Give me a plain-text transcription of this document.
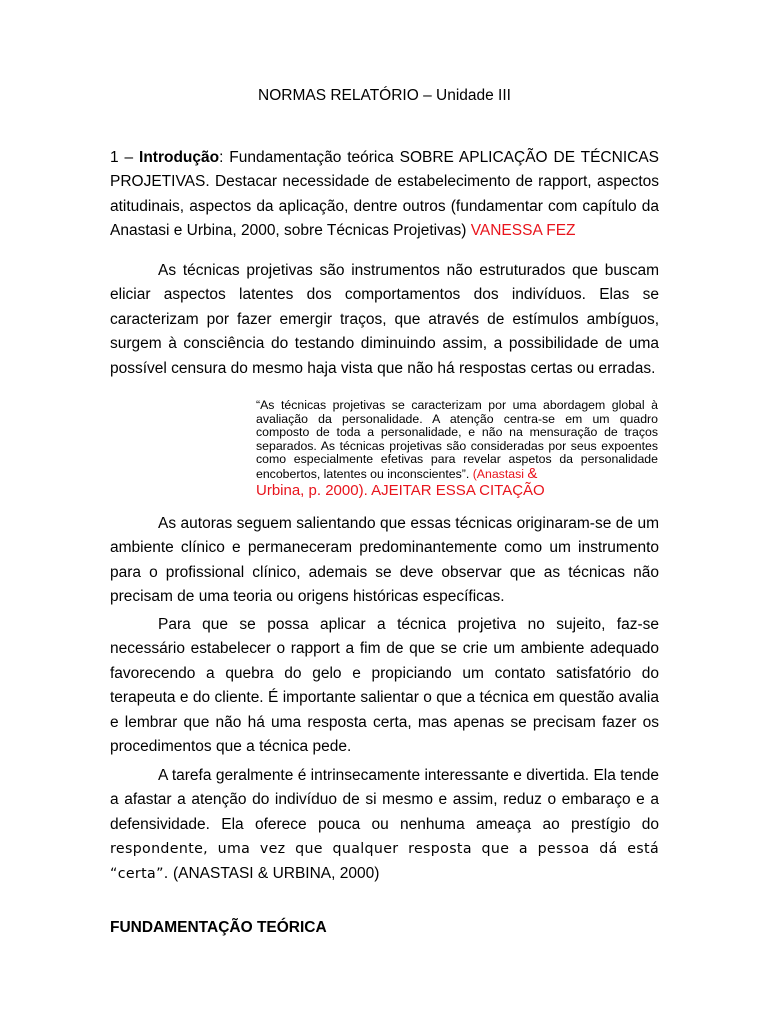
NORMAS RELATÓRIO – Unidade III
1 – Introdução: Fundamentação teórica SOBRE APLICAÇÃO DE TÉCNICAS PROJETIVAS. Destacar necessidade de estabelecimento de rapport, aspectos atitudinais, aspectos da aplicação, dentre outros (fundamentar com capítulo da Anastasi e Urbina, 2000, sobre Técnicas Projetivas) VANESSA FEZ
As técnicas projetivas são instrumentos não estruturados que buscam eliciar aspectos latentes dos comportamentos dos indivíduos. Elas se caracterizam por fazer emergir traços, que através de estímulos ambíguos, surgem à consciência do testando diminuindo assim, a possibilidade de uma possível censura do mesmo haja vista que não há respostas certas ou erradas.
“As técnicas projetivas se caracterizam por uma abordagem global à avaliação da personalidade. A atenção centra-se em um quadro composto de toda a personalidade, e não na mensuração de traços separados. As técnicas projetivas são consideradas por seus expoentes como especialmente efetivas para revelar aspetos da personalidade encobertos, latentes ou inconscientes”. (Anastasi &
Urbina, p. 2000). AJEITAR ESSA CITAÇÃO
As autoras seguem salientando que essas técnicas originaram-se de um ambiente clínico e permaneceram predominantemente como um instrumento para o profissional clínico, ademais se deve observar que as técnicas não precisam de uma teoria ou origens históricas específicas.
Para que se possa aplicar a técnica projetiva no sujeito, faz-se necessário estabelecer o rapport a fim de que se crie um ambiente adequado favorecendo a quebra do gelo e propiciando um contato satisfatório do terapeuta e do cliente. É importante salientar o que a técnica em questão avalia e lembrar que não há uma resposta certa, mas apenas se precisam fazer os procedimentos que a técnica pede.
A tarefa geralmente é intrinsecamente interessante e divertida. Ela tende a afastar a atenção do indivíduo de si mesmo e assim, reduz o embaraço e a defensividade. Ela oferece pouca ou nenhuma ameaça ao prestígio do respondente, uma vez que qualquer resposta que a pessoa dá está “certa”. (ANASTASI & URBINA, 2000)
FUNDAMENTAÇÃO TEÓRICA
